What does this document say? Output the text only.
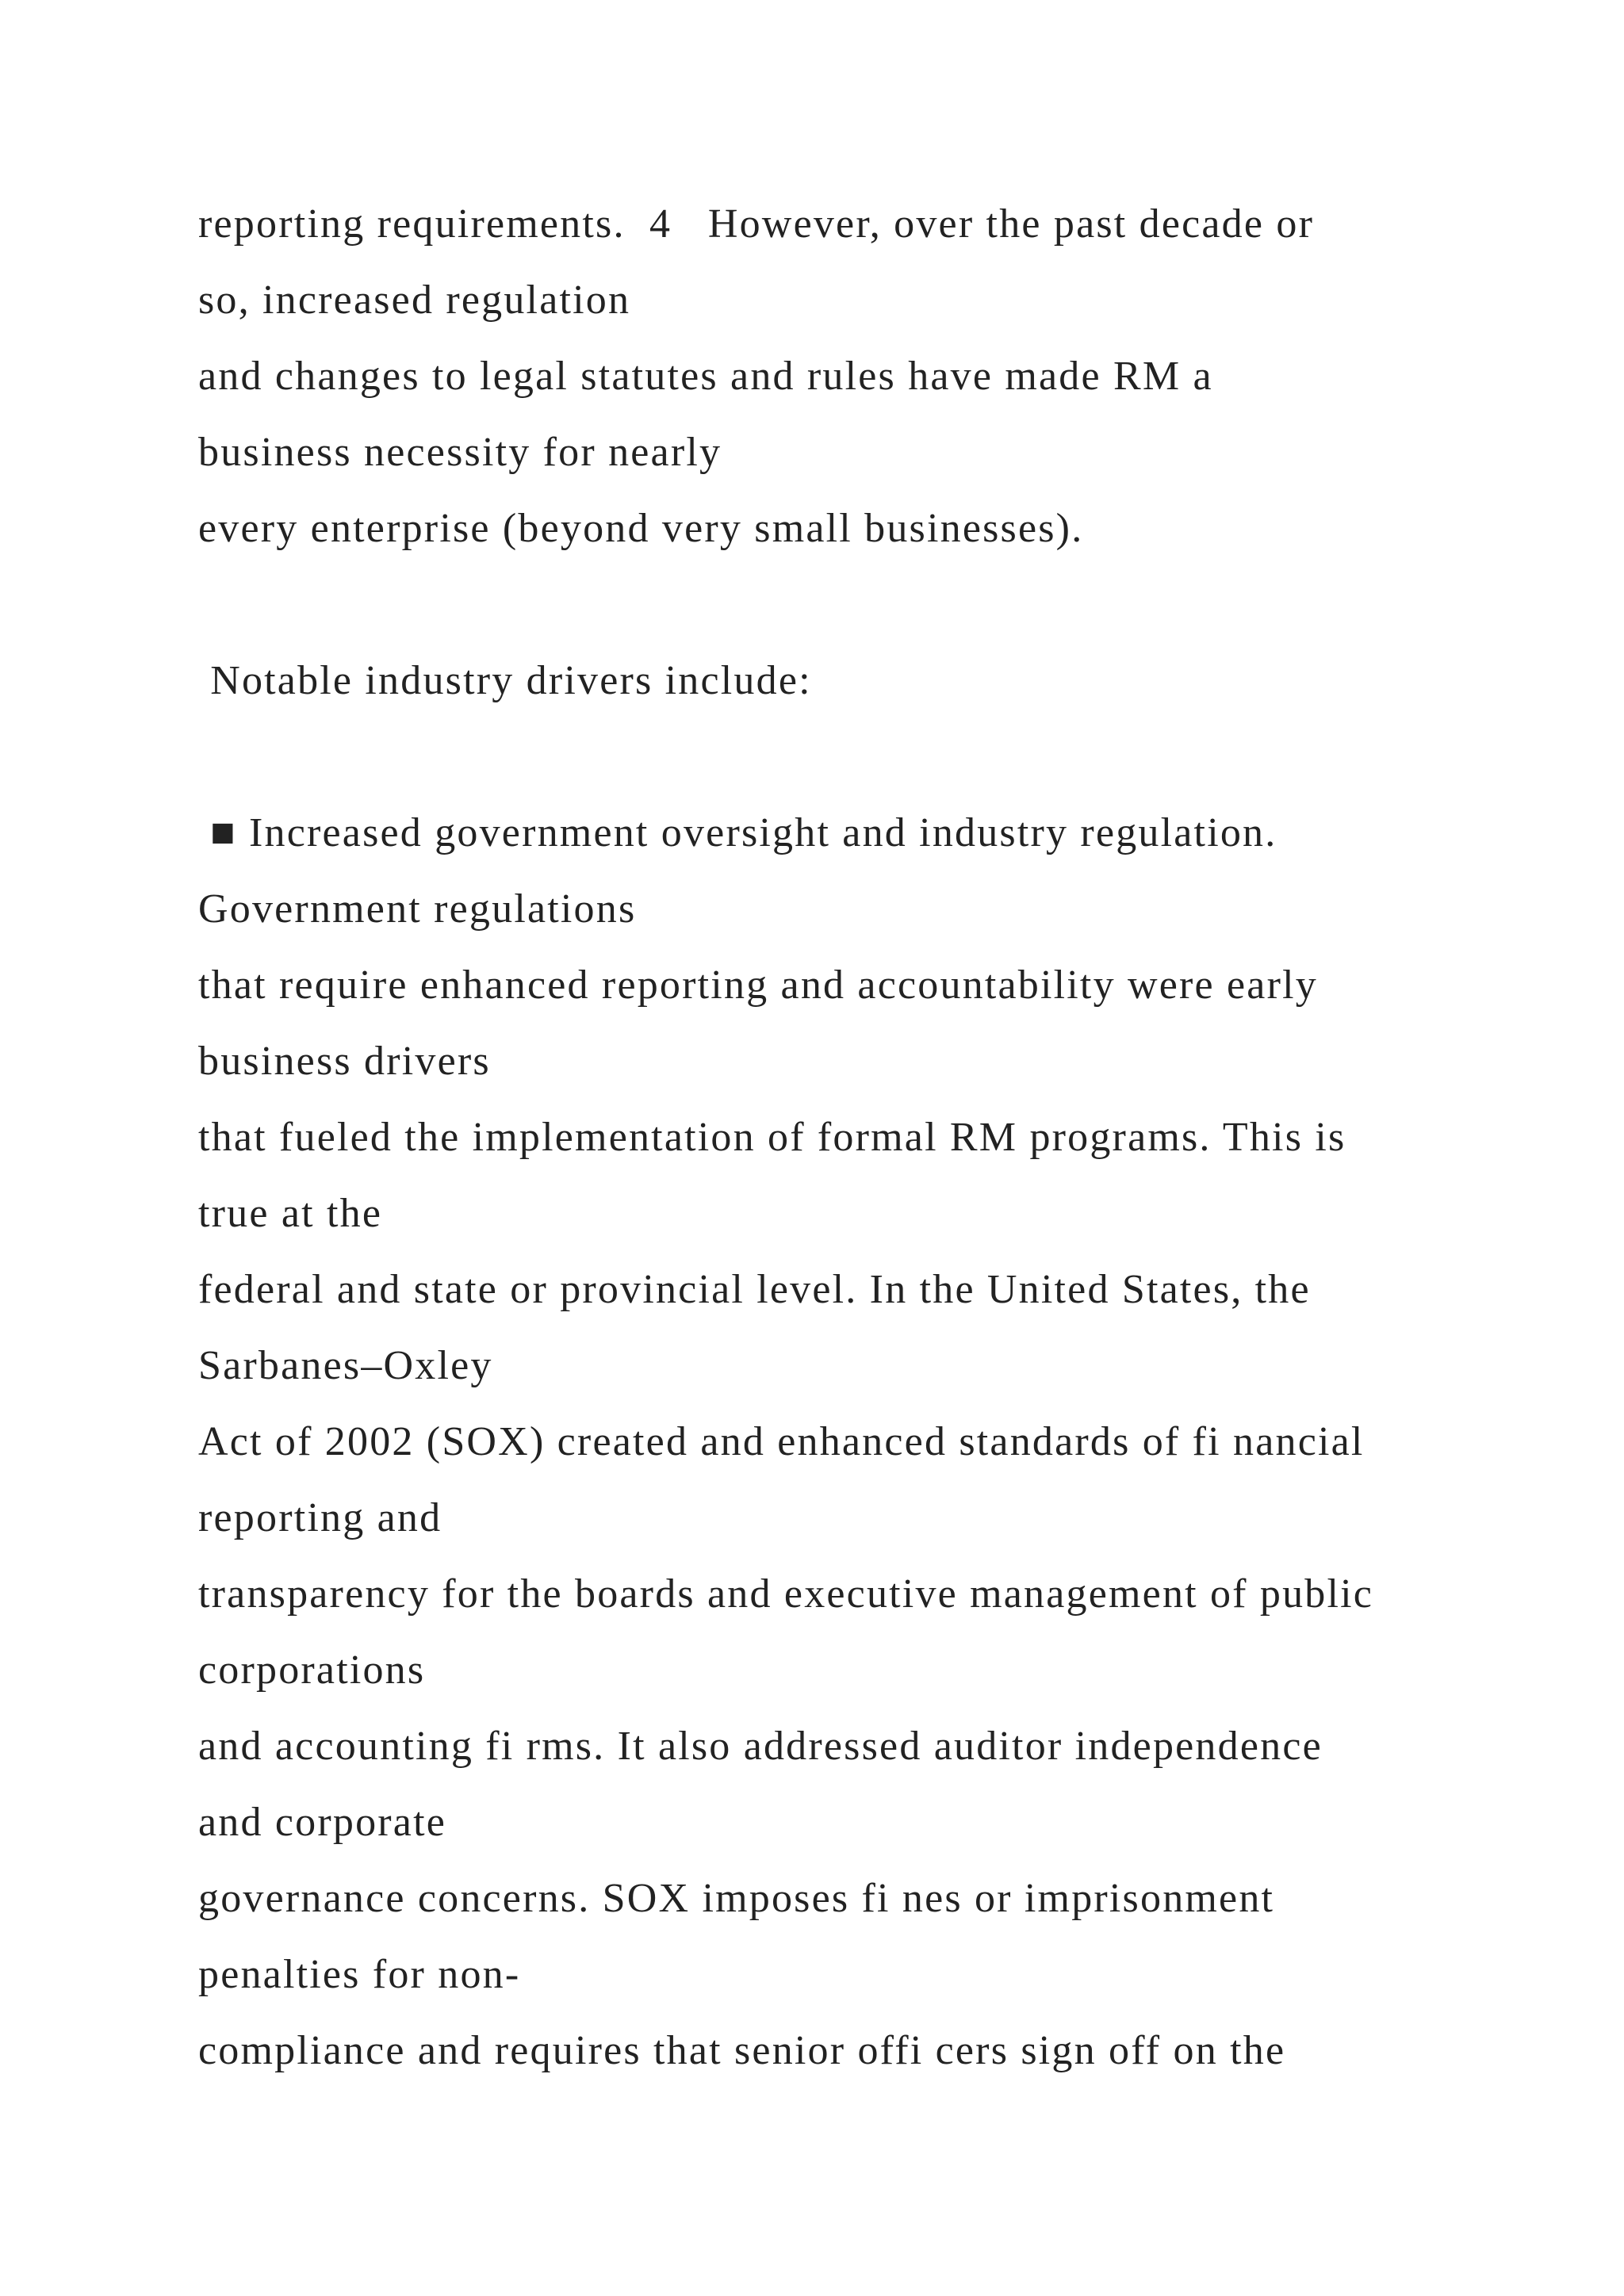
reporting requirements.  4   However, over the past decade or
so, increased regulation
and changes to legal statutes and rules have made RM a
business necessity for nearly
every enterprise (beyond very small businesses).
Notable industry drivers include:
■ Increased government oversight and industry regulation.
Government regulations
that require enhanced reporting and accountability were early
business drivers
that fueled the implementation of formal RM programs. This is
true at the
federal and state or provincial level. In the United States, the
Sarbanes–Oxley
Act of 2002 (SOX) created and enhanced standards of fi nancial
reporting and
transparency for the boards and executive management of public
corporations
and accounting fi rms. It also addressed auditor independence
and corporate
governance concerns. SOX imposes fi nes or imprisonment
penalties for non-
compliance and requires that senior offi cers sign off on the
